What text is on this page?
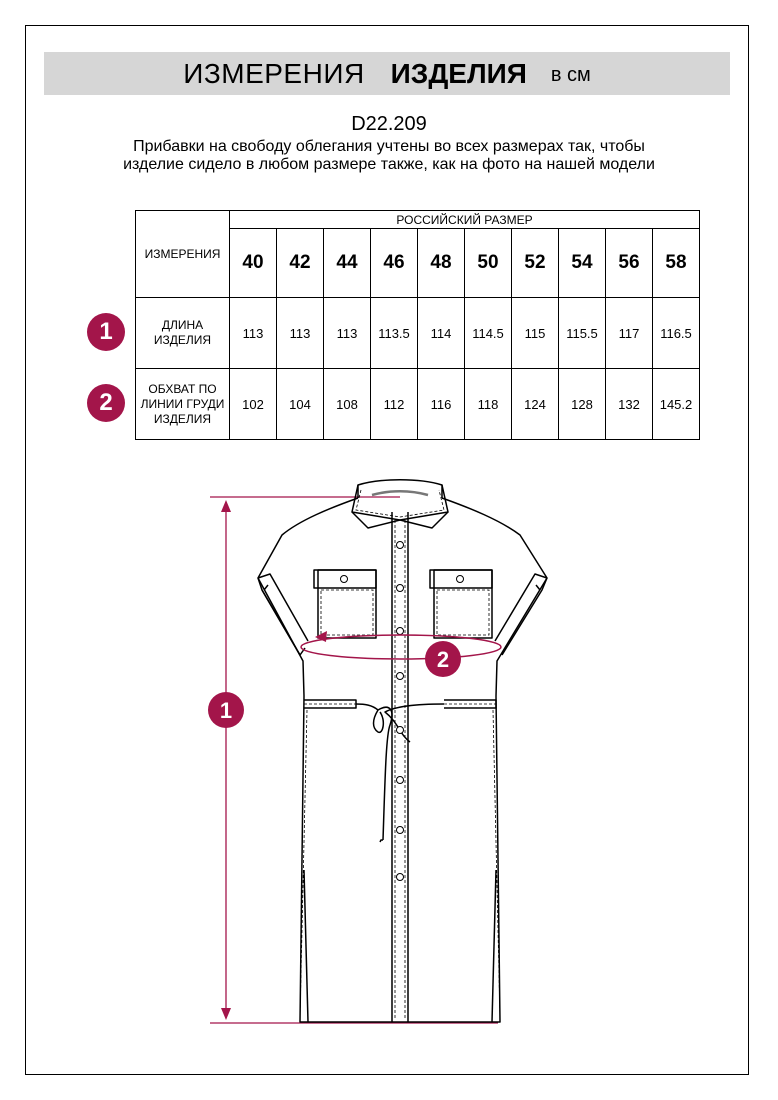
ИЗМЕРЕНИЯ ИЗДЕЛИЯ в см
D22.209
Прибавки на свободу облегания учтены во всех размерах так, чтобы изделие сидело в любом размере также, как на фото на нашей модели
ИЗМЕРЕНИЯ	РОССИЙСКИЙ РАЗМЕР									
	40	42	44	46	48	50	52	54	56	58
ДЛИНА ИЗДЕЛИЯ	113	113	113	113.5	114	114.5	115	115.5	117	116.5
ОБХВАТ ПО ЛИНИИ ГРУДИ ИЗДЕЛИЯ	102	104	108	112	116	118	124	128	132	145.2
1
2
1
2
